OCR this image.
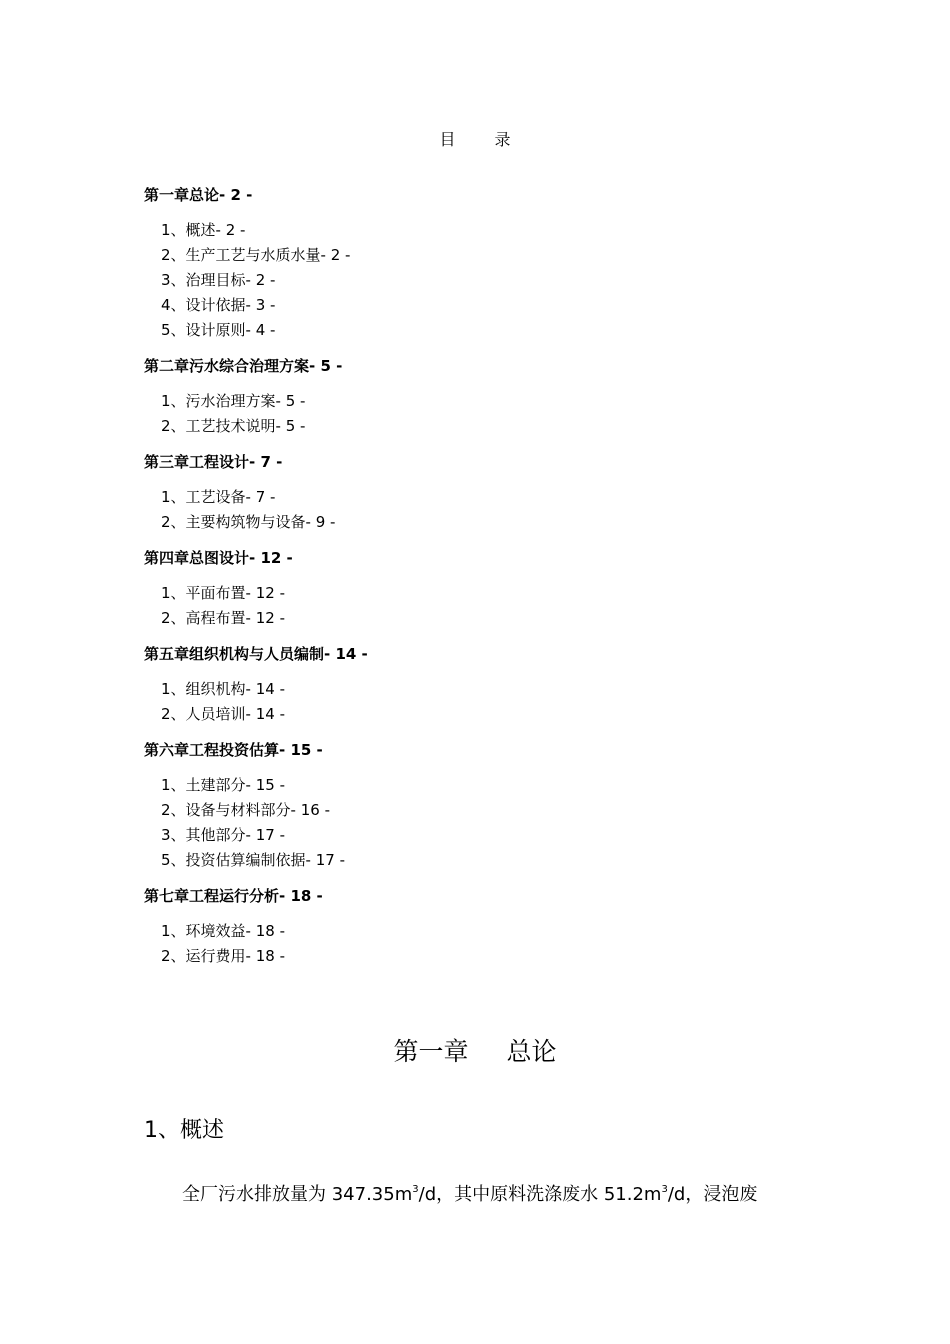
目 录
第一章总论- 2 -
1、概述- 2 -
2、生产工艺与水质水量- 2 -
3、治理目标- 2 -
4、设计依据- 3 -
5、设计原则- 4 -
第二章污水综合治理方案- 5 -
1、污水治理方案- 5 -
2、工艺技术说明- 5 -
第三章工程设计- 7 -
1、工艺设备- 7 -
2、主要构筑物与设备- 9 -
第四章总图设计- 12 -
1、平面布置- 12 -
2、高程布置- 12 -
第五章组织机构与人员编制- 14 -
1、组织机构- 14 -
2、人员培训- 14 -
第六章工程投资估算- 15 -
1、土建部分- 15 -
2、设备与材料部分- 16 -
3、其他部分- 17 -
5、投资估算编制依据- 17 -
第七章工程运行分析- 18 -
1、环境效益- 18 -
2、运行费用- 18 -
第一章 总论
1、概述
全厂污水排放量为 $347.35m^3/d$，其中原料洗涤废水 $51.2m^3/d$，浸泡废
